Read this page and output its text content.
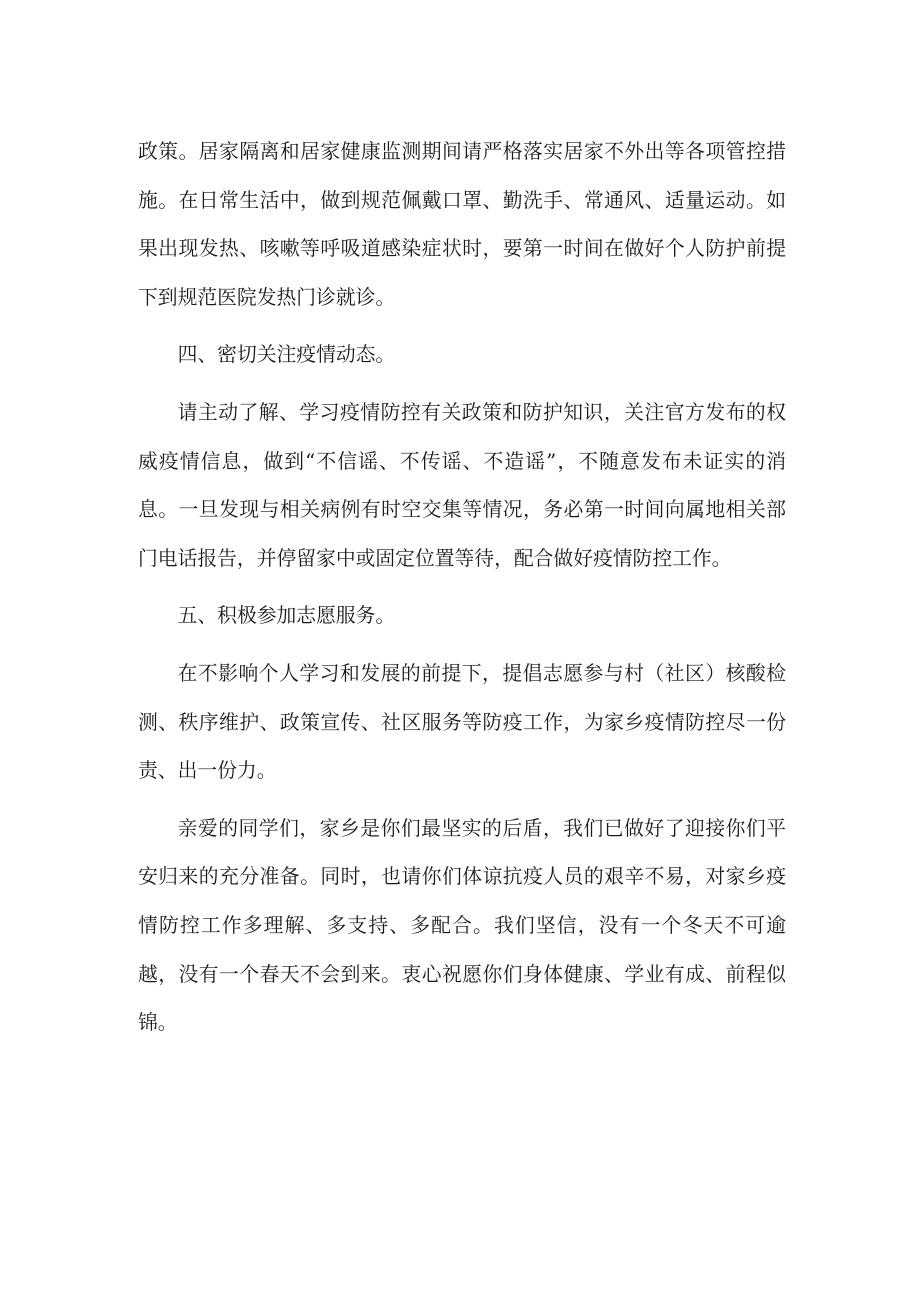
政策。居家隔离和居家健康监测期间请严格落实居家不外出等各项管控措施。在日常生活中，做到规范佩戴口罩、勤洗手、常通风、适量运动。如果出现发热、咳嗽等呼吸道感染症状时，要第一时间在做好个人防护前提下到规范医院发热门诊就诊。

四、密切关注疫情动态。

请主动了解、学习疫情防控有关政策和防护知识，关注官方发布的权威疫情信息，做到“不信谣、不传谣、不造谣”，不随意发布未证实的消息。一旦发现与相关病例有时空交集等情况，务必第一时间向属地相关部门电话报告，并停留家中或固定位置等待，配合做好疫情防控工作。

五、积极参加志愿服务。

在不影响个人学习和发展的前提下，提倡志愿参与村（社区）核酸检测、秩序维护、政策宣传、社区服务等防疫工作，为家乡疫情防控尽一份责、出一份力。

亲爱的同学们，家乡是你们最坚实的后盾，我们已做好了迎接你们平安归来的充分准备。同时，也请你们体谅抗疫人员的艰辛不易，对家乡疫情防控工作多理解、多支持、多配合。我们坚信，没有一个冬天不可逾越，没有一个春天不会到来。衷心祝愿你们身体健康、学业有成、前程似锦。
